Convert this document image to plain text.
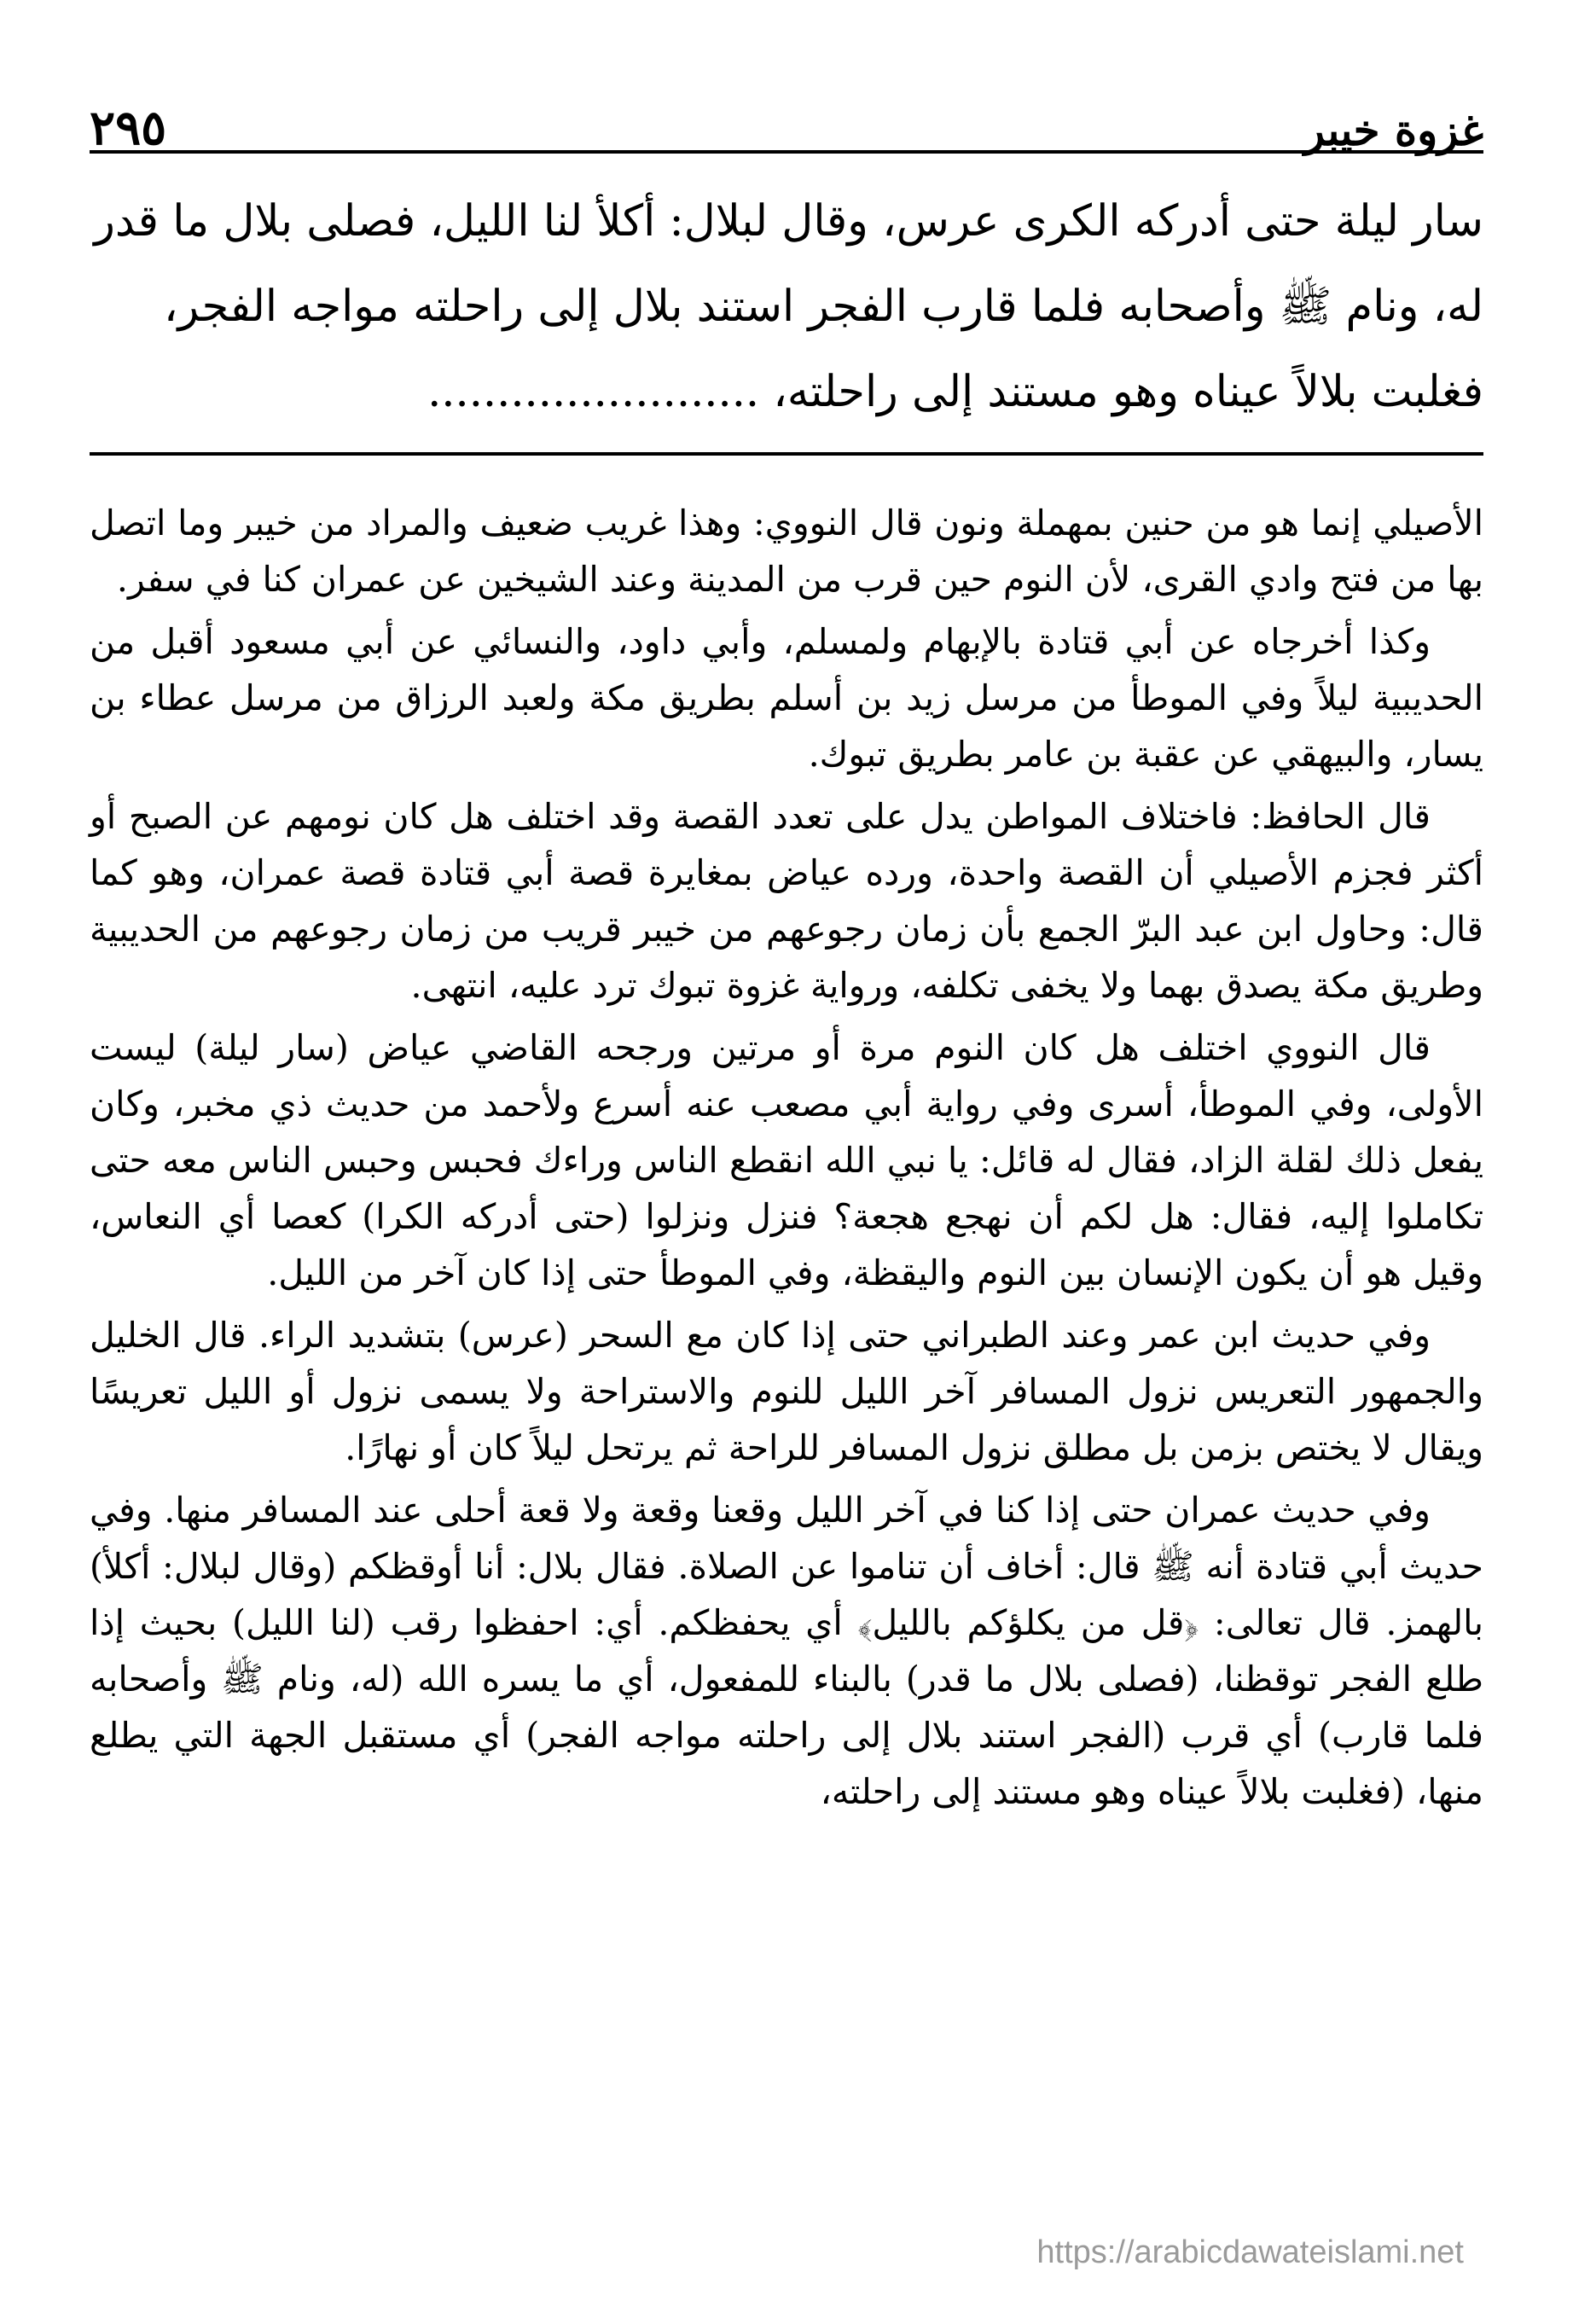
غزوة خيبر
٢٩٥
سار ليلة حتى أدركه الكرى عرس، وقال لبلال: أكلأ لنا الليل، فصلى بلال ما قدر
له، ونام ﷺ وأصحابه فلما قارب الفجر استند بلال إلى راحلته مواجه الفجر،
فغلبت بلالاً عيناه وهو مستند إلى راحلته، ........................

الأصيلي إنما هو من حنين بمهملة ونون قال النووي: وهذا غريب ضعيف والمراد من خيبر وما اتصل بها من فتح وادي القرى، لأن النوم حين قرب من المدينة وعند الشيخين عن عمران كنا في سفر.

وكذا أخرجاه عن أبي قتادة بالإبهام ولمسلم، وأبي داود، والنسائي عن أبي مسعود أقبل من الحديبية ليلاً وفي الموطأ من مرسل زيد بن أسلم بطريق مكة ولعبد الرزاق من مرسل عطاء بن يسار، والبيهقي عن عقبة بن عامر بطريق تبوك.

قال الحافظ: فاختلاف المواطن يدل على تعدد القصة وقد اختلف هل كان نومهم عن الصبح أو أكثر فجزم الأصيلي أن القصة واحدة، ورده عياض بمغايرة قصة أبي قتادة قصة عمران، وهو كما قال: وحاول ابن عبد البرّ الجمع بأن زمان رجوعهم من خيبر قريب من زمان رجوعهم من الحديبية وطريق مكة يصدق بهما ولا يخفى تكلفه، ورواية غزوة تبوك ترد عليه، انتهى.

قال النووي اختلف هل كان النوم مرة أو مرتين ورجحه القاضي عياض (سار ليلة) ليست الأولى، وفي الموطأ، أسرى وفي رواية أبي مصعب عنه أسرع ولأحمد من حديث ذي مخبر، وكان يفعل ذلك لقلة الزاد، فقال له قائل: يا نبي الله انقطع الناس وراءك فحبس وحبس الناس معه حتى تكاملوا إليه، فقال: هل لكم أن نهجع هجعة؟ فنزل ونزلوا (حتى أدركه الكرا) كعصا أي النعاس، وقيل هو أن يكون الإنسان بين النوم واليقظة، وفي الموطأ حتى إذا كان آخر من الليل.

وفي حديث ابن عمر وعند الطبراني حتى إذا كان مع السحر (عرس) بتشديد الراء. قال الخليل والجمهور التعريس نزول المسافر آخر الليل للنوم والاستراحة ولا يسمى نزول أو الليل تعريسًا ويقال لا يختص بزمن بل مطلق نزول المسافر للراحة ثم يرتحل ليلاً كان أو نهارًا.

وفي حديث عمران حتى إذا كنا في آخر الليل وقعنا وقعة ولا قعة أحلى عند المسافر منها. وفي حديث أبي قتادة أنه ﷺ قال: أخاف أن تناموا عن الصلاة. فقال بلال: أنا أوقظكم (وقال لبلال: أكلأ) بالهمز. قال تعالى: ﴿قل من يكلؤكم بالليل﴾ أي يحفظكم. أي: احفظوا رقب (لنا الليل) بحيث إذا طلع الفجر توقظنا، (فصلى بلال ما قدر) بالبناء للمفعول، أي ما يسره الله (له، ونام ﷺ وأصحابه فلما قارب) أي قرب (الفجر استند بلال إلى راحلته مواجه الفجر) أي مستقبل الجهة التي يطلع منها، (فغلبت بلالاً عيناه وهو مستند إلى راحلته،

https://arabicdawateislami.net
